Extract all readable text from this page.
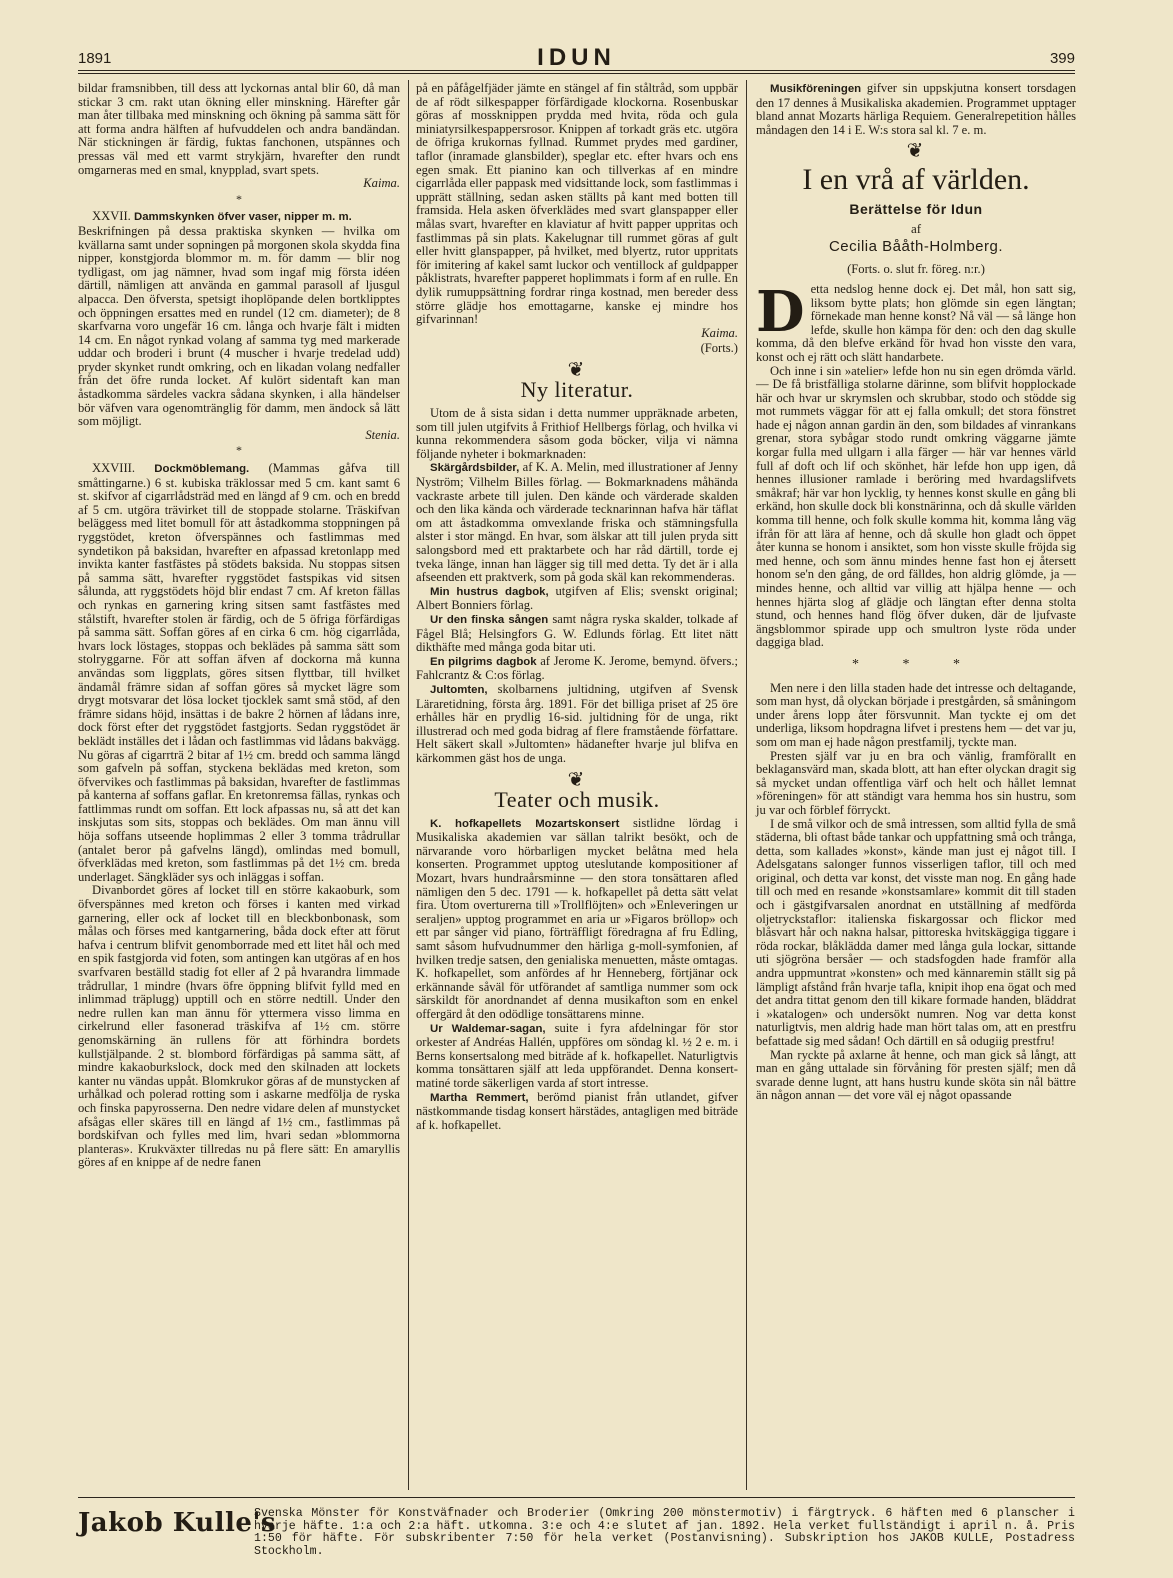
1891	IDUN	399

bildar framsnibben, till dess att lyckornas antal blir 60, då man stickar 3 cm. rakt utan ökning eller minskning. Härefter går man åter tillbaka med minskning och ökning på samma sätt för att forma andra hälften af hufvuddelen och andra bandändan. När stickningen är färdig, fuktas fanchonen, utspännes och pressas väl med ett varmt strykjärn, hvarefter den rundt omgarneras med en smal, knypplad, svart spets.

Kaima.
*

XXVII. Dammskynken öfver vaser, nipper m. m.

Beskrifningen på dessa praktiska skynken — hvilka om kvällarna samt under sopningen på morgonen skola skydda fina nipper, konstgjorda blommor m. m. för damm — blir nog tydligast, om jag nämner, hvad som ingaf mig första idéen därtill, nämligen att använda en gammal parasoll af ljusgul alpacca. Den öfversta, spetsigt ihoplöpande delen bortklipptes och öppningen ersattes med en rundel (12 cm. diameter); de 8 skarfvarna voro ungefär 16 cm. långa och hvarje fält i midten 14 cm. En något rynkad volang af samma tyg med markerade uddar och broderi i brunt (4 muscher i hvarje tredelad udd) pryder skynket rundt omkring, och en likadan volang nedfaller från det öfre runda locket. Af kulört sidentaft kan man åstadkomma särdeles vackra sådana skynken, i alla händelser bör väfven vara ogenomtränglig för damm, men ändock så lätt som möjligt.

Stenia.
*

XXVIII. Dockmöblemang. (Mammas gåfva till småttingarne.) 6 st. kubiska träklossar med 5 cm. kant samt 6 st. skifvor af cigarrlådsträd med en längd af 9 cm. och en bredd af 5 cm. utgöra trävirket till de stoppade stolarne. Träskifvan beläggess med litet bomull för att åstadkomma stoppningen på ryggstödet, kreton öfverspännes och fastlimmas med syndetikon på baksidan, hvarefter en afpassad kretonlapp med invikta kanter fastfästes på stödets baksida. Nu stoppas sitsen på samma sätt, hvarefter ryggstödet fastspikas vid sitsen sålunda, att ryggstödets höjd blir endast 7 cm. Af kreton fällas och rynkas en garnering kring sitsen samt fastfästes med stålstift, hvarefter stolen är färdig, och de 5 öfriga förfärdigas på samma sätt. Soffan göres af en cirka 6 cm. hög cigarrlåda, hvars lock löstages, stoppas och beklädes på samma sätt som stolryggarne. För att soffan äfven af dockorna må kunna användas som liggplats, göres sitsen flyttbar, till hvilket ändamål främre sidan af soffan göres så mycket lägre som drygt motsvarar det lösa locket tjocklek samt små stöd, af den främre sidans höjd, insättas i de bakre 2 hörnen af lådans inre, dock först efter det ryggstödet fastgjorts. Sedan ryggstödet är beklädt inställes det i lådan och fastlimmas vid lådans bakvägg. Nu göras af cigarrträ 2 bitar af 1½ cm. bredd och samma längd som gafveln på soffan, styckena beklädas med kreton, som öfvervikes och fastlimmas på baksidan, hvarefter de fastlimmas på kanterna af soffans gaflar. En kretonremsa fällas, rynkas och fattlimmas rundt om soffan. Ett lock afpassas nu, så att det kan inskjutas som sits, stoppas och beklädes. Om man ännu vill höja soffans utseende hoplimmas 2 eller 3 tomma trådrullar (antalet beror på gafvelns längd), omlindas med bomull, öfverklädas med kreton, som fastlimmas på det 1½ cm. breda underlaget. Sängkläder sys och inläggas i soffan.

Divanbordet göres af locket till en större kakaoburk, som öfverspännes med kreton och förses i kanten med virkad garnering, eller ock af locket till en bleckbonbonask, som målas och förses med kantgarnering, båda dock efter att förut hafva i centrum blifvit genomborrade med ett litet hål och med en spik fastgjorda vid foten, som antingen kan utgöras af en hos svarfvaren beställd stadig fot eller af 2 på hvarandra limmade trådrullar, 1 mindre (hvars öfre öppning blifvit fylld med en inlimmad träplugg) upptill och en större nedtill. Under den nedre rullen kan man ännu för yttermera visso limma en cirkelrund eller fasonerad träskifva af 1½ cm. större genomskärning än rullens för att förhindra bordets kullstjälpande. 2 st. blombord förfärdigas på samma sätt, af mindre kakaoburkslock, dock med den skilnaden att lockets kanter nu vändas uppåt. Blomkrukor göras af de munstycken af urhålkad och polerad rotting som i askarne medfölja de ryska och finska papyrosserna. Den nedre vidare delen af munstycket afsågas eller skäres till en längd af 1½ cm., fastlimmas på bordskifvan och fylles med lim, hvari sedan »blommorna planteras». Krukväxter tillredas nu på flere sätt: En amaryllis göres af en knippe af de nedre fanen

på en påfågelfjäder jämte en stängel af fin ståltråd, som uppbär de af rödt silkespapper förfärdigade klockorna. Rosenbuskar göras af mossknippen prydda med hvita, röda och gula miniatyrsilkespappersrosor. Knippen af torkadt gräs etc. utgöra de öfriga krukornas fyllnad. Rummet prydes med gardiner, taflor (inramade glansbilder), speglar etc. efter hvars och ens egen smak. Ett pianino kan och tillverkas af en mindre cigarrlåda eller pappask med vidsittande lock, som fastlimmas i upprätt ställning, sedan asken ställts på kant med botten till framsida. Hela asken öfverklädes med svart glanspapper eller målas svart, hvarefter en klaviatur af hvitt papper uppritas och fastlimmas på sin plats. Kakelugnar till rummet göras af gult eller hvitt glanspapper, på hvilket, med blyertz, rutor uppritats för imitering af kakel samt luckor och ventillock af guldpapper påklistrats, hvarefter papperet hoplimmats i form af en rulle. En dylik rumuppsättning fordrar ringa kostnad, men bereder dess större glädje hos emottagarne, kanske ej mindre hos gifvarinnan!

Kaima.
(Forts.)
❦
Ny literatur.

Utom de å sista sidan i detta nummer uppräknade arbeten, som till julen utgifvits å Frithiof Hellbergs förlag, och hvilka vi kunna rekommendera såsom goda böcker, vilja vi nämna följande nyheter i bokmarknaden:

Skärgårdsbilder, af K. A. Melin, med illustrationer af Jenny Nyström; Vilhelm Billes förlag. — Bokmarknadens måhända vackraste arbete till julen. Den kände och värderade skalden och den lika kända och värderade tecknarinnan hafva här täflat om att åstadkomma omvexlande friska och stämningsfulla alster i stor mängd. En hvar, som älskar att till julen pryda sitt salongsbord med ett praktarbete och har råd därtill, torde ej tveka länge, innan han lägger sig till med detta. Ty det är i alla afseenden ett praktverk, som på goda skäl kan rekommenderas.

Min hustrus dagbok, utgifven af Elis; svenskt original; Albert Bonniers förlag.

Ur den finska sången samt några ryska skalder, tolkade af Fågel Blå; Helsingfors G. W. Edlunds förlag. Ett litet nätt dikthäfte med många goda bitar uti.

En pilgrims dagbok af Jerome K. Jerome, bemynd. öfvers.; Fahlcrantz & C:os förlag.

Jultomten, skolbarnens jultidning, utgifven af Svensk Läraretidning, första årg. 1891. För det billiga priset af 25 öre erhålles här en prydlig 16-sid. jultidning för de unga, rikt illustrerad och med goda bidrag af flere framstående författare. Helt säkert skall »Jultomten» hädanefter hvarje jul blifva en kärkommen gäst hos de unga.

❦
Teater och musik.

K. hofkapellets Mozartskonsert sistlidne lördag i Musikaliska akademien var sällan talrikt besökt, och de närvarande voro hörbarligen mycket belåtna med hela konserten. Programmet upptog uteslutande kompositioner af Mozart, hvars hundraårsminne — den stora tonsättaren afled nämligen den 5 dec. 1791 — k. hofkapellet på detta sätt velat fira. Utom overturerna till »Trollflöjten» och »Enleveringen ur seraljen» upptog programmet en aria ur »Figaros bröllop» och ett par sånger vid piano, förträffligt föredragna af fru Edling, samt såsom hufvudnummer den härliga g-moll-symfonien, af hvilken tredje satsen, den genialiska menuetten, måste omtagas. K. hofkapellet, som anfördes af hr Henneberg, förtjänar ock erkännande såväl för utförandet af samtliga nummer som ock särskildt för anordnandet af denna musikafton som en enkel offergärd åt den odödlige tonsättarens minne.

Ur Waldemar-sagan, suite i fyra afdelningar för stor orkester af Andréas Hallén, uppföres om söndag kl. ½ 2 e. m. i Berns konsertsalong med biträde af k. hofkapellet. Naturligtvis komma tonsättaren själf att leda uppförandet. Denna konsert-matiné torde säkerligen varda af stort intresse.

Martha Remmert, berömd pianist från utlandet, gifver nästkommande tisdag konsert härstädes, antagligen med biträde af k. hofkapellet.

Musikföreningen gifver sin uppskjutna konsert torsdagen den 17 dennes å Musikaliska akademien. Programmet upptager bland annat Mozarts härliga Requiem. Generalrepetition hålles måndagen den 14 i E. W:s stora sal kl. 7 e. m.

❦
I en vrå af världen.
Berättelse för Idun
af
Cecilia Bååth-Holmberg.
(Forts. o. slut fr. föreg. n:r.)

Detta nedslog henne dock ej. Det mål, hon satt sig, liksom bytte plats; hon glömde sin egen längtan; förnekade man henne konst? Nå väl — så länge hon lefde, skulle hon kämpa för den: och den dag skulle komma, då den blefve erkänd för hvad hon visste den vara, konst och ej rätt och slätt handarbete.

Och inne i sin »atelier» lefde hon nu sin egen drömda värld. — De få bristfälliga stolarne därinne, som blifvit hopplockade här och hvar ur skrymslen och skrubbar, stodo och stödde sig mot rummets väggar för att ej falla omkull; det stora fönstret hade ej någon annan gardin än den, som bildades af vinrankans grenar, stora sybågar stodo rundt omkring väggarne jämte korgar fulla med ullgarn i alla färger — här var hennes värld full af doft och lif och skönhet, här lefde hon upp igen, då hennes illusioner ramlade i beröring med hvardagslifvets småkraf; här var hon lycklig, ty hennes konst skulle en gång bli erkänd, hon skulle dock bli konstnärinna, och då skulle världen komma till henne, och folk skulle komma hit, komma lång väg ifrån för att lära af henne, och då skulle hon gladt och öppet åter kunna se honom i ansiktet, som hon visste skulle fröjda sig med henne, och som ännu mindes henne fast hon ej återsett honom se'n den gång, de ord fälldes, hon aldrig glömde, ja — mindes henne, och alltid var villig att hjälpa henne — och hennes hjärta slog af glädje och längtan efter denna stolta stund, och hennes hand flög öfver duken, där de ljufvaste ängsblommor spirade upp och smultron lyste röda under daggiga blad.

* * *

Men nere i den lilla staden hade det intresse och deltagande, som man hyst, då olyckan började i prestgården, så småningom under årens lopp åter försvunnit. Man tyckte ej om det underliga, liksom hopdragna lifvet i prestens hem — det var ju, som om man ej hade någon prestfamilj, tyckte man.

Presten själf var ju en bra och vänlig, framförallt en beklagansvärd man, skada blott, att han efter olyckan dragit sig så mycket undan offentliga värf och helt och hållet lemnat »föreningen» för att ständigt vara hemma hos sin hustru, som ju var och förblef förryckt.

I de små vilkor och de små intressen, som alltid fylla de små städerna, bli oftast både tankar och uppfattning små och trånga, detta, som kallades »konst», kände man just ej något till. I Adelsgatans salonger funnos visserligen taflor, till och med original, och detta var konst, det visste man nog. En gång hade till och med en resande »konstsamlare» kommit dit till staden och i gästgifvarsalen anordnat en utställning af medförda oljetryckstaflor: italienska fiskargossar och flickor med blåsvart hår och nakna halsar, pittoreska hvitskäggiga tiggare i röda rockar, blåklädda damer med långa gula lockar, sittande uti sjögröna bersåer — och stadsfogden hade framför alla andra uppmuntrat »konsten» och med kännaremin ställt sig på lämpligt afstånd från hvarje tafla, knipit ihop ena ögat och med det andra tittat genom den till kikare formade handen, bläddrat i »katalogen» och undersökt numren. Nog var detta konst naturligtvis, men aldrig hade man hört talas om, att en prestfru befattade sig med sådan! Och därtill en så odugiig prestfru!

Man ryckte på axlarne åt henne, och man gick så långt, att man en gång uttalade sin förvåning för presten själf; men då svarade denne lugnt, att hans hustru kunde sköta sin nål bättre än någon annan — det vore väl ej något opassande

Jakob Kulle's
Svenska Mönster för Konstväfnader och Broderier (Omkring 200 mönstermotiv) i färgtryck. 6 häften med 6 planscher i hvarje häfte. 1:a och 2:a häft. utkomna. 3:e och 4:e slutet af jan. 1892. Hela verket fullständigt i april n. å. Pris 1:50 för häfte. För subskribenter 7:50 för hela verket (Postanvisning). Subskription hos JAKOB KULLE, Postadress Stockholm.
